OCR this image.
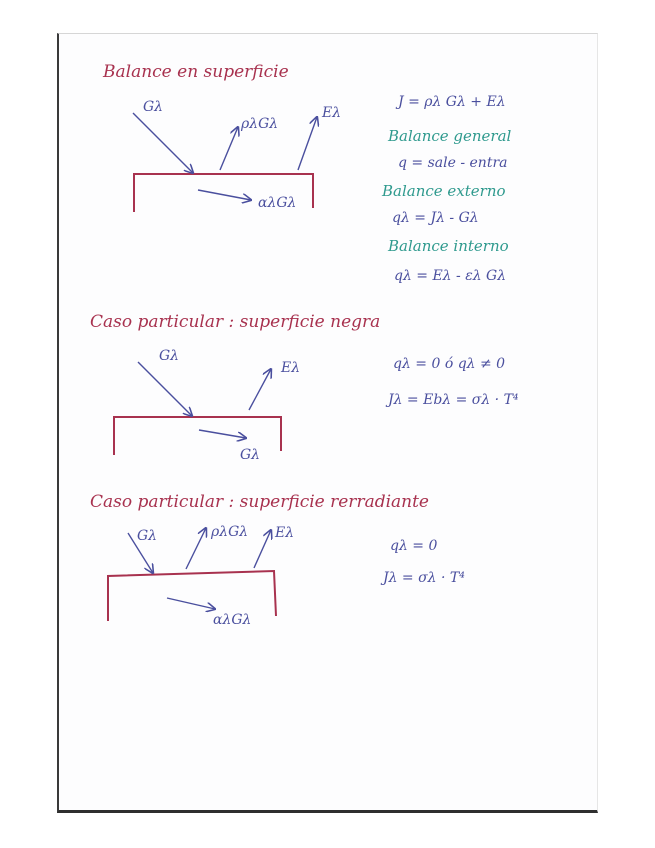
Balance en superficie
Gλ
ρλGλ
Eλ
αλGλ
J = ρλ Gλ + Eλ
Balance general
q = sale - entra
Balance externo
qλ = Jλ - Gλ
Balance interno
qλ = Eλ - ελ Gλ
Caso particular : superficie negra
Gλ
Eλ
Gλ
qλ = 0 ó qλ ≠ 0
Jλ = Ebλ = σλ · T⁴
Caso particular : superficie rerradiante
Gλ	ρλGλ Eλ
αλGλ
qλ = 0
Jλ = σλ · T⁴
